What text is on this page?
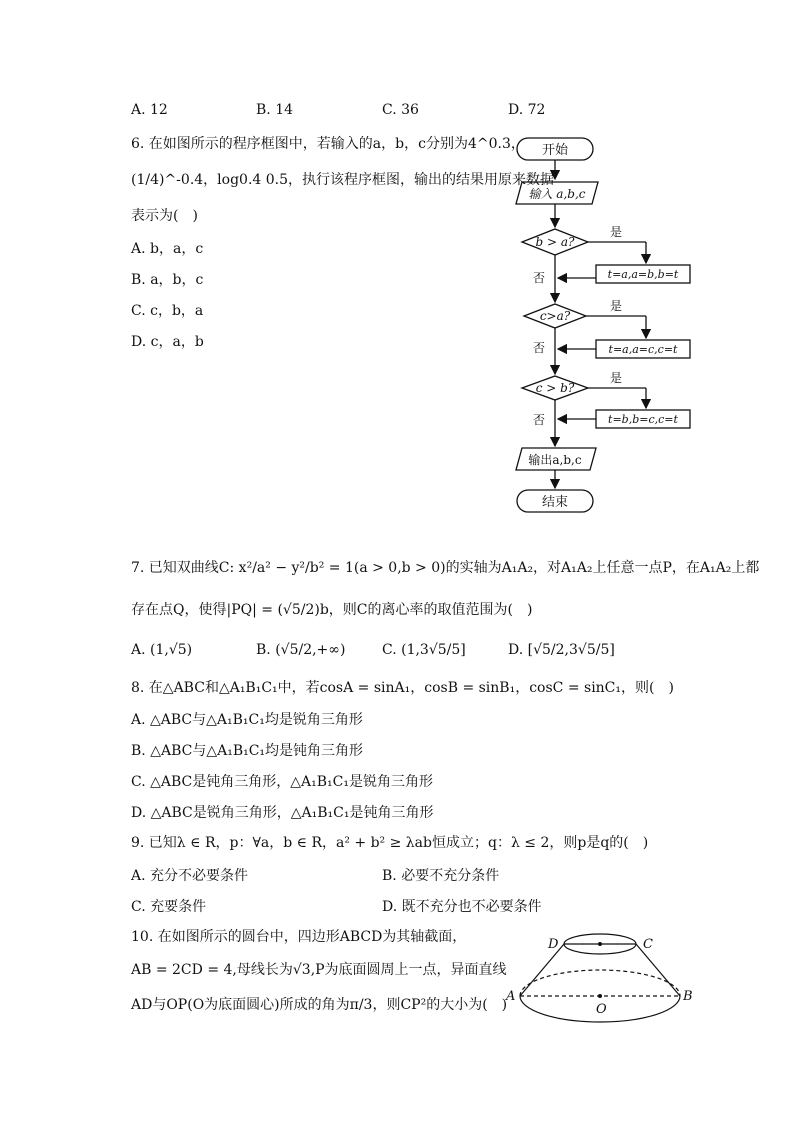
A. 12	B. 14	C. 36	D. 72
6. 在如图所示的程序框图中，若输入的a，b，c分别为4^0.3，
(1/4)^-0.4，log0.4 0.5，执行该程序框图，输出的结果用原来数据
表示为(　)
A. b，a，c
B. a，b，c
C. c，b，a
D. c，a，b
开始
输入 a,b,c
b > a?
是
否	t=a,a=b,b=t
c>a?
是
否	t=a,a=c,c=t
c > b?
是
否	t=b,b=c,c=t
输出a,b,c
结束
7. 已知双曲线C: x²/a² − y²/b² = 1(a > 0,b > 0)的实轴为A₁A₂，对A₁A₂上任意一点P，在A₁A₂上都
存在点Q，使得|PQ| = (√5/2)b，则C的离心率的取值范围为(　)
A. (1,√5)	B. (√5/2,+∞)	C. (1,3√5/5]	D. [√5/2,3√5/5]
8. 在△ABC和△A₁B₁C₁中，若cosA = sinA₁，cosB = sinB₁，cosC = sinC₁，则(　)
A. △ABC与△A₁B₁C₁均是锐角三角形
B. △ABC与△A₁B₁C₁均是钝角三角形
C. △ABC是钝角三角形，△A₁B₁C₁是锐角三角形
D. △ABC是锐角三角形，△A₁B₁C₁是钝角三角形
9. 已知λ ∈ R，p：∀a，b ∈ R，a² + b² ≥ λab恒成立；q：λ ≤ 2，则p是q的(　)
A. 充分不必要条件	B. 必要不充分条件
C. 充要条件	D. 既不充分也不必要条件
10. 在如图所示的圆台中，四边形ABCD为其轴截面，
AB = 2CD = 4,母线长为√3,P为底面圆周上一点，异面直线
AD与OP(O为底面圆心)所成的角为π/3，则CP²的大小为(　)
D	C
A	B
O
